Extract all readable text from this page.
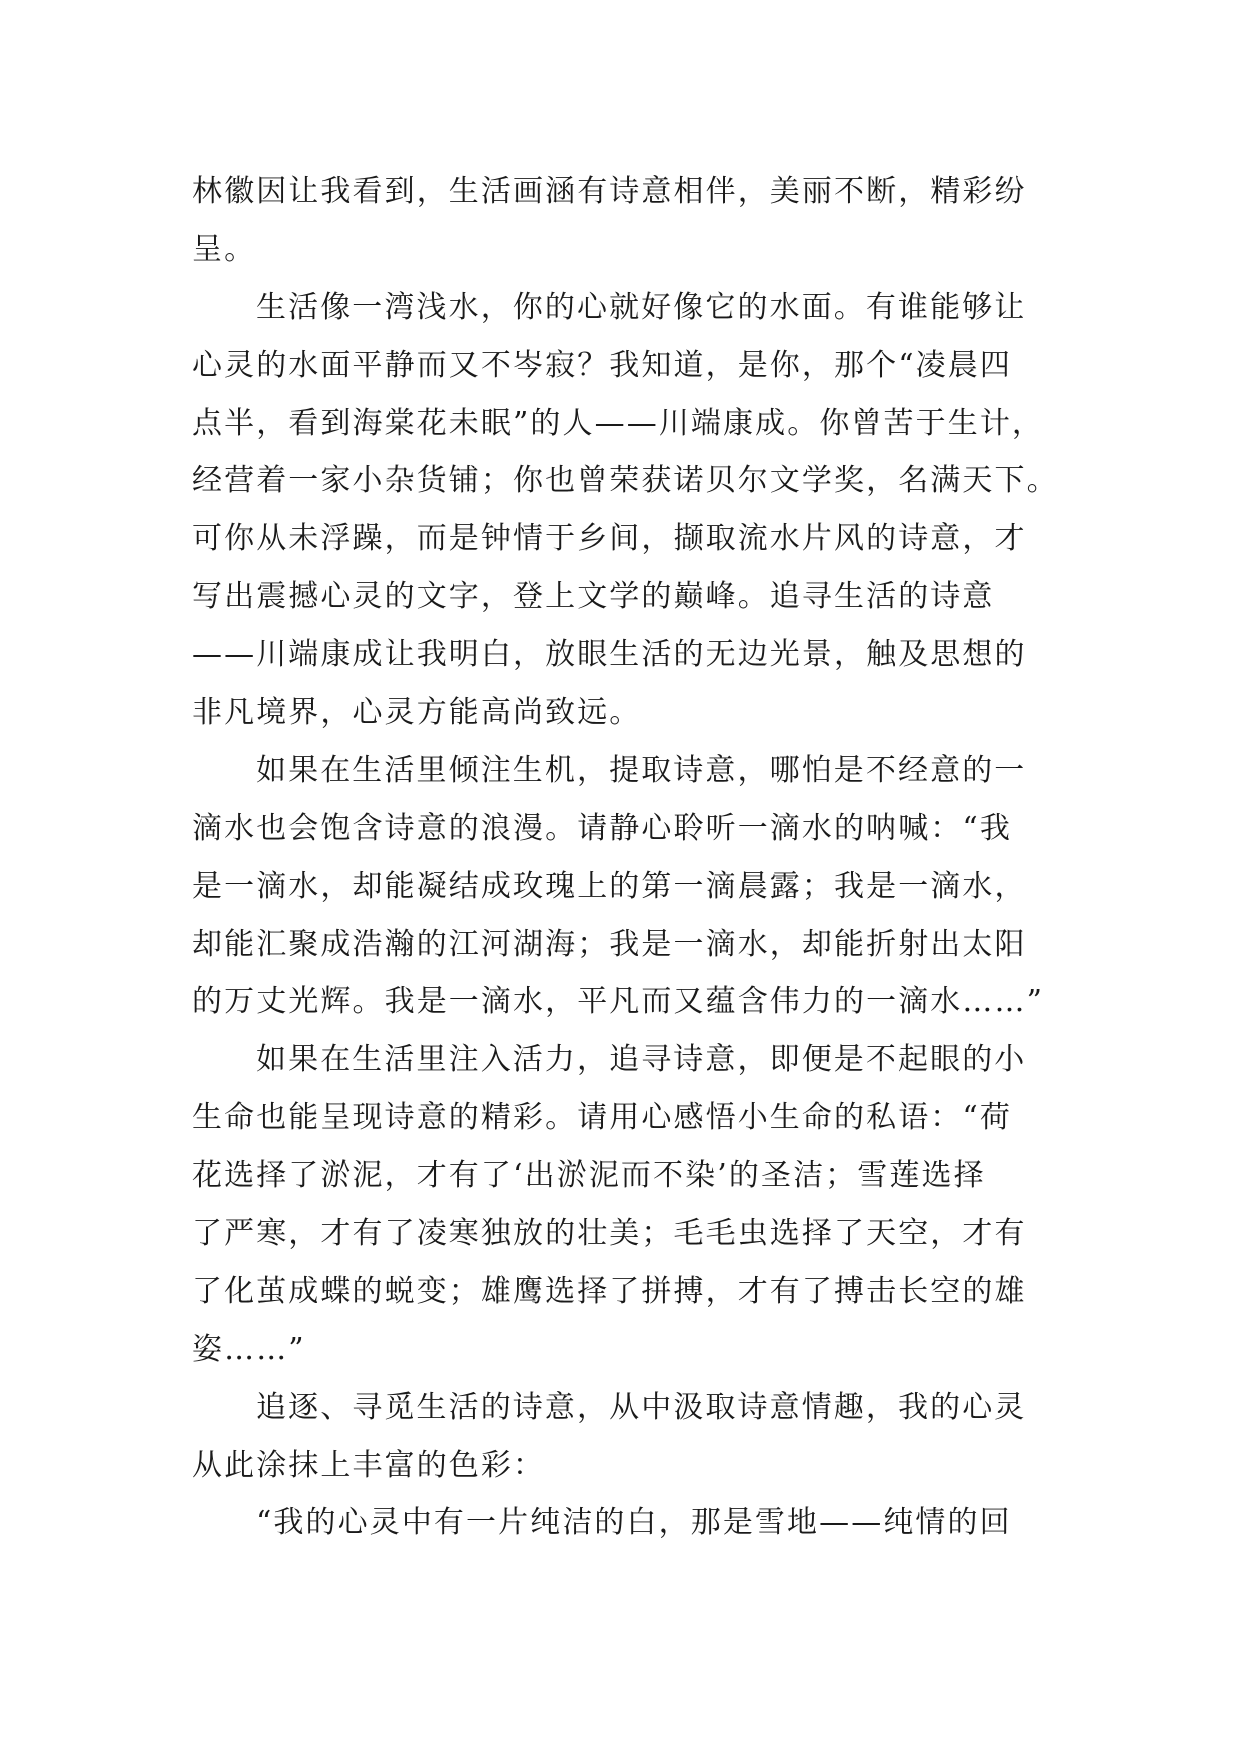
林徽因让我看到，生活画涵有诗意相伴，美丽不断，精彩纷
呈。
生活像一湾浅水，你的心就好像它的水面。有谁能够让
心灵的水面平静而又不岑寂？我知道，是你，那个“凌晨四
点半，看到海棠花未眠”的人——川端康成。你曾苦于生计，
经营着一家小杂货铺；你也曾荣获诺贝尔文学奖，名满天下。
可你从未浮躁，而是钟情于乡间，撷取流水片风的诗意，才
写出震撼心灵的文字，登上文学的巅峰。追寻生活的诗意
——川端康成让我明白，放眼生活的无边光景，触及思想的
非凡境界，心灵方能高尚致远。
如果在生活里倾注生机，提取诗意，哪怕是不经意的一
滴水也会饱含诗意的浪漫。请静心聆听一滴水的呐喊：“我
是一滴水，却能凝结成玫瑰上的第一滴晨露；我是一滴水，
却能汇聚成浩瀚的江河湖海；我是一滴水，却能折射出太阳
的万丈光辉。我是一滴水，平凡而又蕴含伟力的一滴水……”
如果在生活里注入活力，追寻诗意，即便是不起眼的小
生命也能呈现诗意的精彩。请用心感悟小生命的私语：“荷
花选择了淤泥，才有了‘出淤泥而不染’的圣洁；雪莲选择
了严寒，才有了凌寒独放的壮美；毛毛虫选择了天空，才有
了化茧成蝶的蜕变；雄鹰选择了拼搏，才有了搏击长空的雄
姿……”
追逐、寻觅生活的诗意，从中汲取诗意情趣，我的心灵
从此涂抹上丰富的色彩：
“我的心灵中有一片纯洁的白，那是雪地——纯情的回
